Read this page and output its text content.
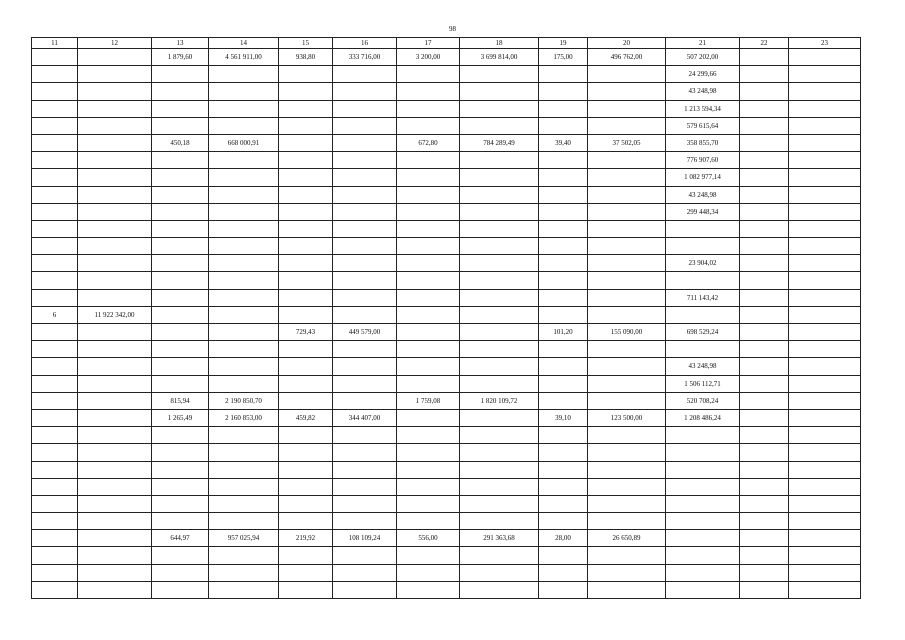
98
11	12	13	14	15	16	17	18	19	20	21	22	23
		1 879,60	4 561 911,00	938,80	333 716,00	3 200,00	3 699 814,00	175,00	496 762,00	507 202,00		
										24 299,66		
										43 248,98		
										1 213 594,34		
										579 615,64		
		450,18	668 000,91			672,80	784 289,49	39,40	37 502,05	358 855,70		
										776 907,60		
										1 082 977,14		
										43 248,98		
										299 448,34		

										23 904,02		

										711 143,42		
6	11 922 342,00											
				729,43	449 579,00			101,20	155 090,00	698 529,24		

										43 248,98		
										1 506 112,71		
		815,94	2 190 850,70			1 759,08	1 820 109,72			520 708,24		
		1 265,49	2 160 853,00	459,82	344 407,00			39,10	123 500,00	1 208 486,24		

		644,97	957 025,94	219,92	108 109,24	556,00	291 363,68	28,00	26 650,89			
